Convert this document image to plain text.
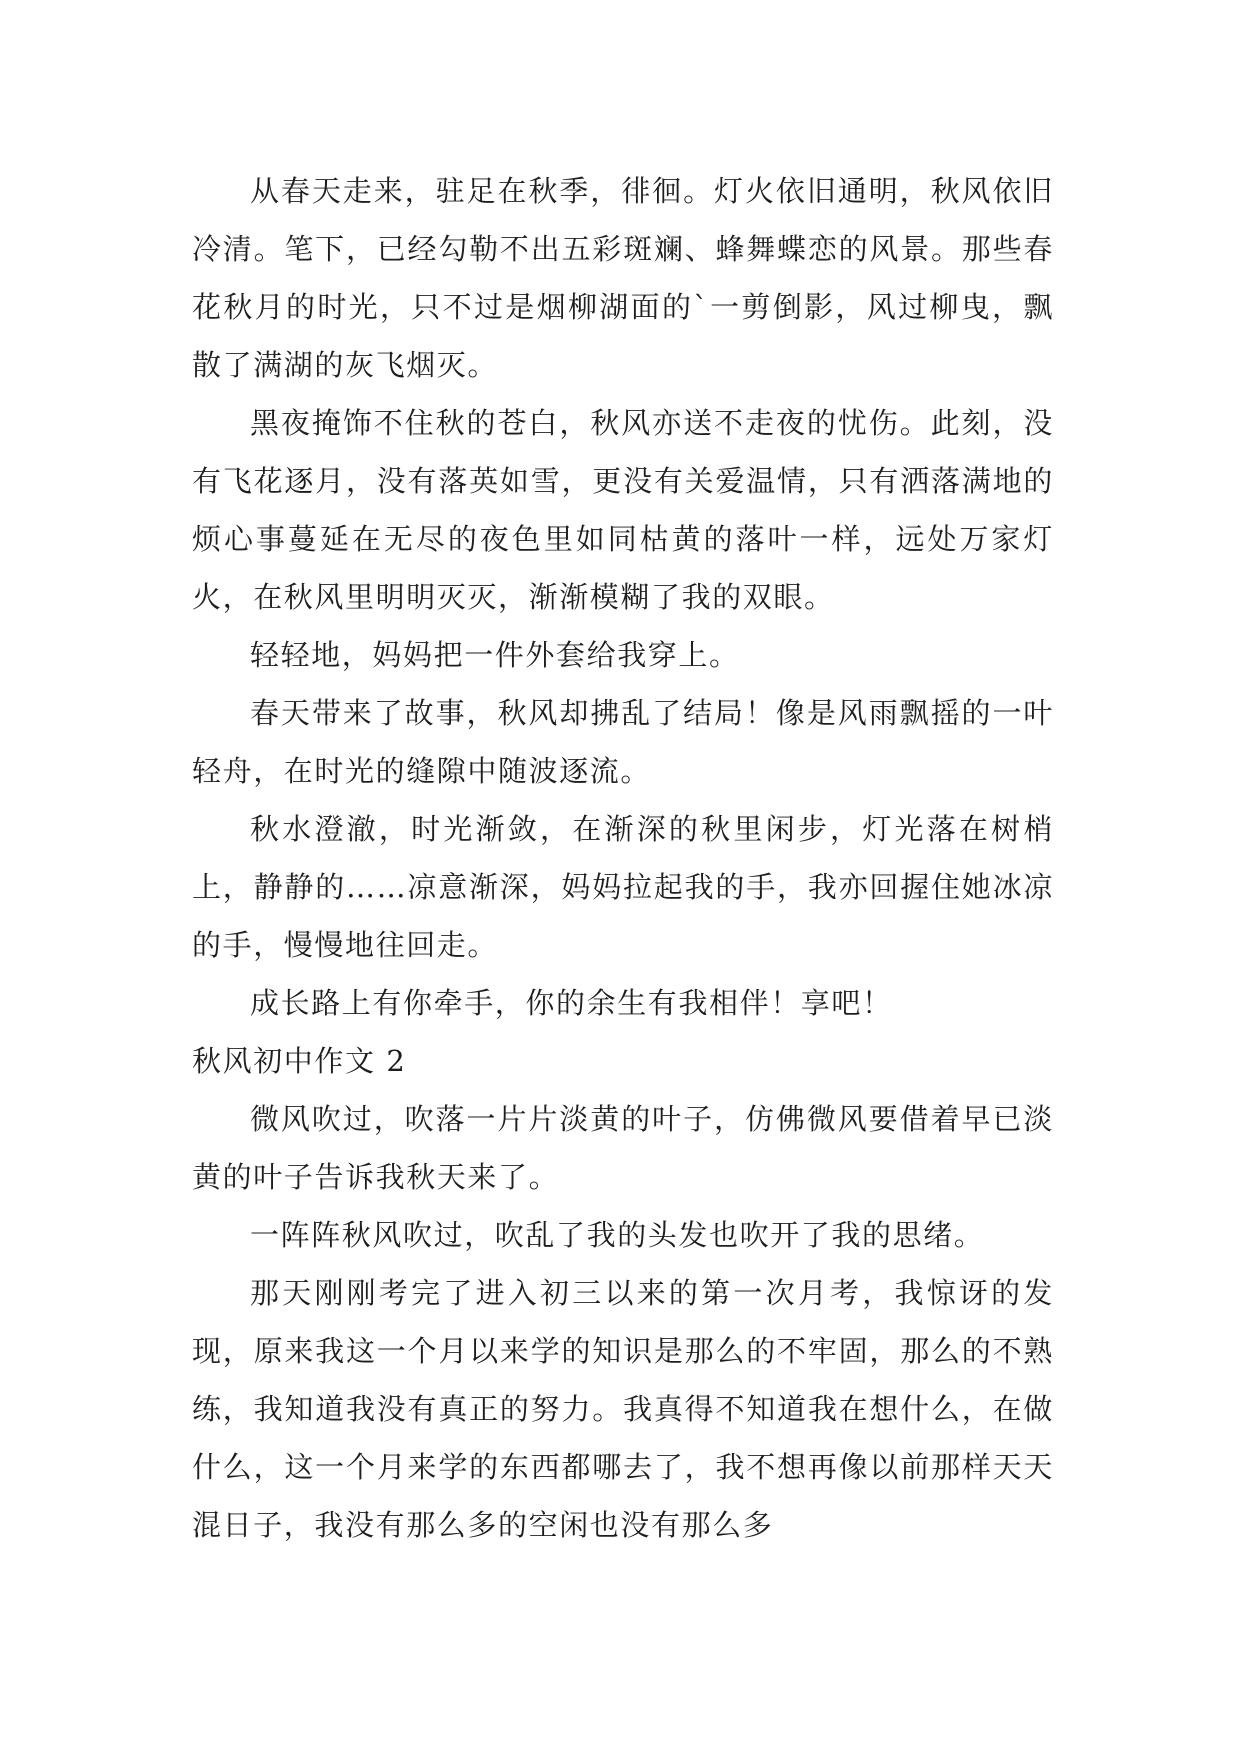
从春天走来，驻足在秋季，徘徊。灯火依旧通明，秋风依旧冷清。笔下，已经勾勒不出五彩斑斓、蜂舞蝶恋的风景。那些春花秋月的时光，只不过是烟柳湖面的`一剪倒影，风过柳曳，飘散了满湖的灰飞烟灭。

黑夜掩饰不住秋的苍白，秋风亦送不走夜的忧伤。此刻，没有飞花逐月，没有落英如雪，更没有关爱温情，只有洒落满地的烦心事蔓延在无尽的夜色里如同枯黄的落叶一样，远处万家灯火，在秋风里明明灭灭，渐渐模糊了我的双眼。

轻轻地，妈妈把一件外套给我穿上。

春天带来了故事，秋风却拂乱了结局！像是风雨飘摇的一叶轻舟，在时光的缝隙中随波逐流。

秋水澄澈，时光渐敛，在渐深的秋里闲步，灯光落在树梢上，静静的……凉意渐深，妈妈拉起我的手，我亦回握住她冰凉的手，慢慢地往回走。

成长路上有你牵手，你的余生有我相伴！享吧！

秋风初中作文 2

微风吹过，吹落一片片淡黄的叶子，仿佛微风要借着早已淡黄的叶子告诉我秋天来了。

一阵阵秋风吹过，吹乱了我的头发也吹开了我的思绪。

那天刚刚考完了进入初三以来的第一次月考，我惊讶的发现，原来我这一个月以来学的知识是那么的不牢固，那么的不熟练，我知道我没有真正的努力。我真得不知道我在想什么，在做什么，这一个月来学的东西都哪去了，我不想再像以前那样天天混日子，我没有那么多的空闲也没有那么多
